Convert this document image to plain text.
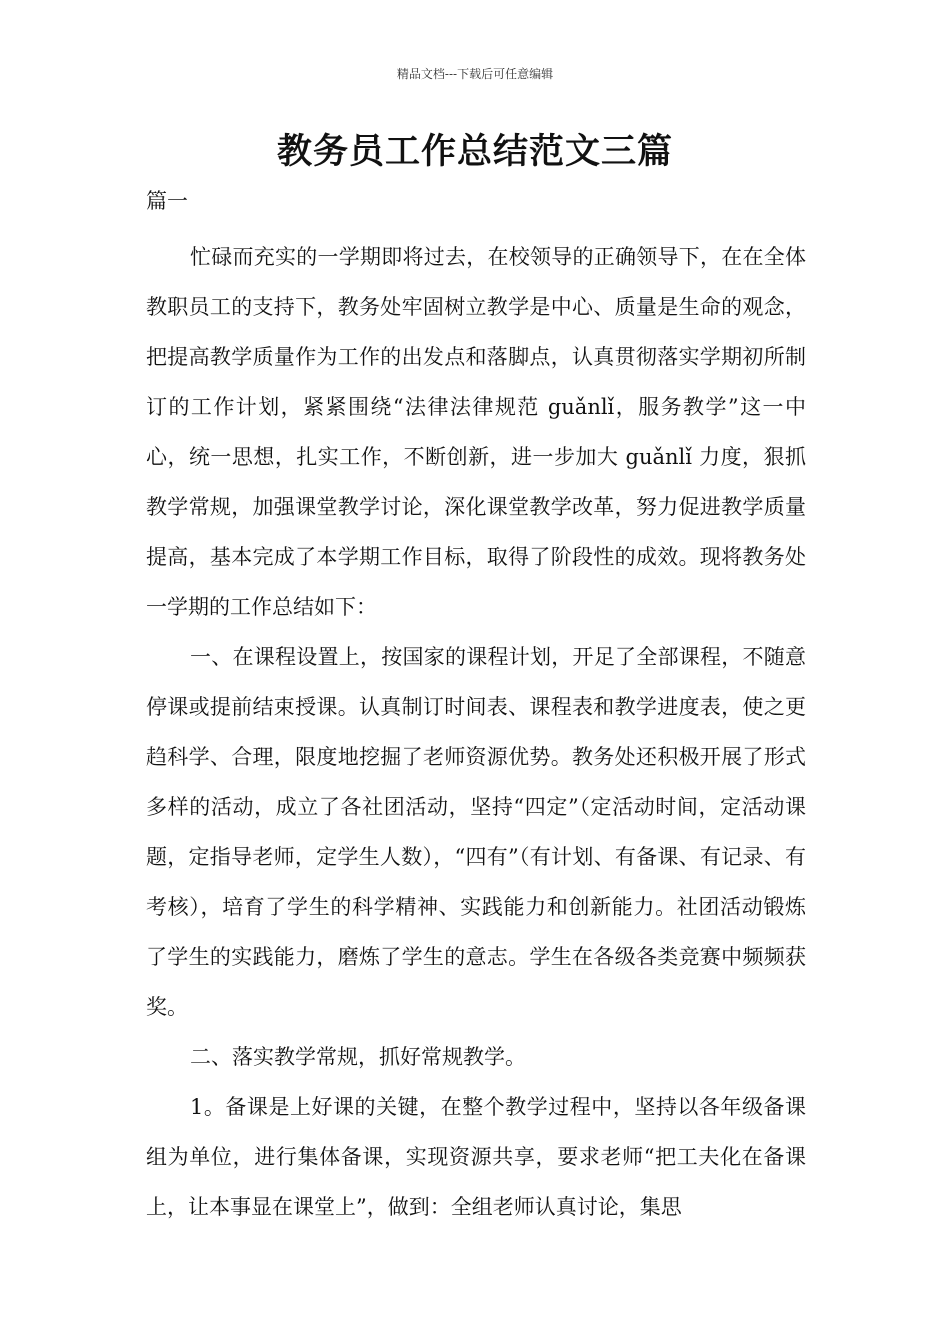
精品文档---下载后可任意编辑
教务员工作总结范文三篇
篇一

忙碌而充实的一学期即将过去，在校领导的正确领导下，在在全体教职员工的支持下，教务处牢固树立教学是中心、质量是生命的观念，把提高教学质量作为工作的出发点和落脚点，认真贯彻落实学期初所制订的工作计划，紧紧围绕“法律法律规范 guǎnlǐ，服务教学”这一中心，统一思想，扎实工作，不断创新，进一步加大 guǎnlǐ 力度，狠抓教学常规，加强课堂教学讨论，深化课堂教学改革，努力促进教学质量提高，基本完成了本学期工作目标，取得了阶段性的成效。现将教务处一学期的工作总结如下：

一、在课程设置上，按国家的课程计划，开足了全部课程，不随意停课或提前结束授课。认真制订时间表、课程表和教学进度表，使之更趋科学、合理，限度地挖掘了老师资源优势。教务处还积极开展了形式多样的活动，成立了各社团活动，坚持“四定”（定活动时间，定活动课题，定指导老师，定学生人数），“四有”（有计划、有备课、有记录、有考核），培育了学生的科学精神、实践能力和创新能力。社团活动锻炼了学生的实践能力，磨炼了学生的意志。学生在各级各类竞赛中频频获奖。

二、落实教学常规，抓好常规教学。

1。备课是上好课的关键，在整个教学过程中，坚持以各年级备课组为单位，进行集体备课，实现资源共享，要求老师“把工夫化在备课上，让本事显在课堂上”，做到：全组老师认真讨论，集思
